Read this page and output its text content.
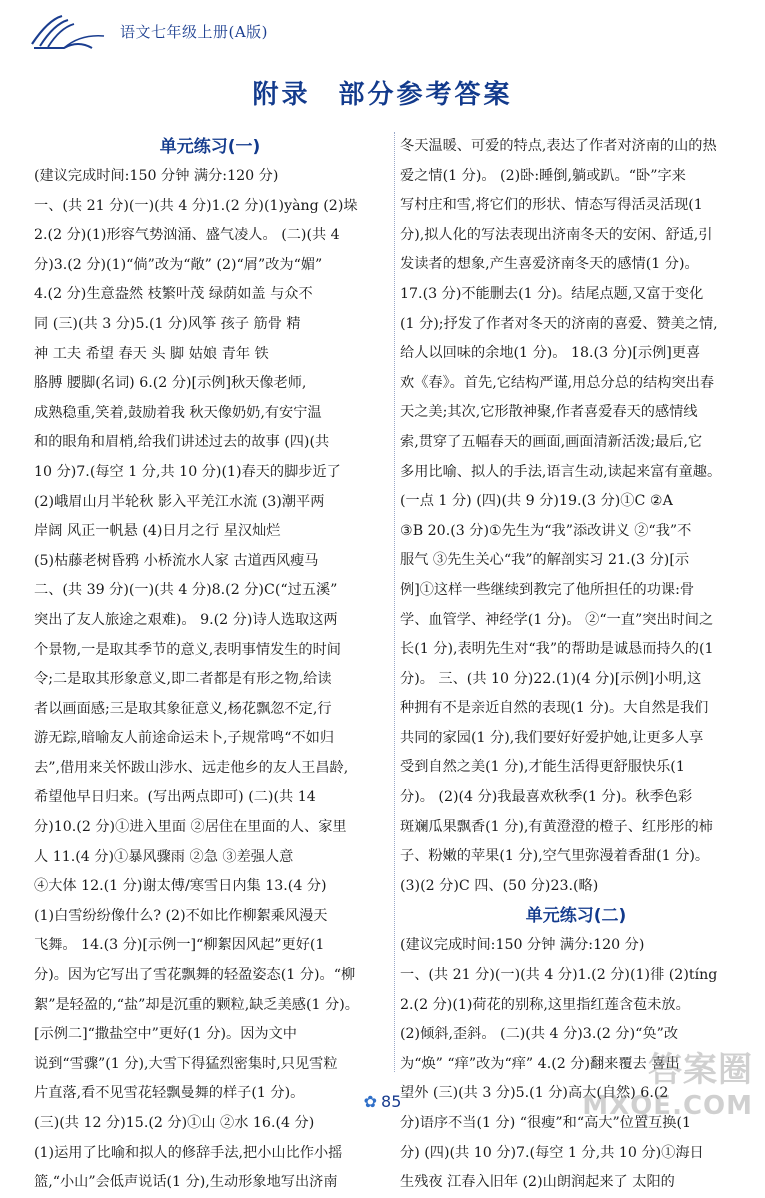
语文七年级上册(A版)
附录 部分参考答案
单元练习(一)
(建议完成时间:150 分钟 满分:120 分)
一、(共 21 分)(一)(共 4 分)1.(2 分)(1)yàng (2)垛
2.(2 分)(1)形容气势汹涌、盛气凌人。 (二)(共 4
分)3.(2 分)(1)“倘”改为“敞” (2)“屑”改为“媚”
4.(2 分)生意盎然 枝繁叶茂 绿荫如盖 与众不
同 (三)(共 3 分)5.(1 分)风筝 孩子 筋骨 精
神 工夫 希望 春天 头 脚 姑娘 青年 铁
胳膊 腰脚(名词) 6.(2 分)[示例]秋天像老师,
成熟稳重,笑着,鼓励着我 秋天像奶奶,有安宁温
和的眼角和眉梢,给我们讲述过去的故事 (四)(共
10 分)7.(每空 1 分,共 10 分)(1)春天的脚步近了
(2)峨眉山月半轮秋 影入平羌江水流 (3)潮平两
岸阔 风正一帆悬 (4)日月之行 星汉灿烂
(5)枯藤老树昏鸦 小桥流水人家 古道西风瘦马
二、(共 39 分)(一)(共 4 分)8.(2 分)C(“过五溪”
突出了友人旅途之艰难)。 9.(2 分)诗人选取这两
个景物,一是取其季节的意义,表明事情发生的时间
令;二是取其形象意义,即二者都是有形之物,给读
者以画面感;三是取其象征意义,杨花飘忽不定,行
游无踪,暗喻友人前途命运未卜,子规常鸣“不如归
去”,借用来关怀跋山涉水、远走他乡的友人王昌龄,
希望他早日归来。(写出两点即可) (二)(共 14
分)10.(2 分)①进入里面 ②居住在里面的人、家里
人 11.(4 分)①暴风骤雨 ②急 ③差强人意
④大体 12.(1 分)谢太傅/寒雪日内集 13.(4 分)
(1)白雪纷纷像什么? (2)不如比作柳絮乘风漫天
飞舞。 14.(3 分)[示例一]“柳絮因风起”更好(1
分)。因为它写出了雪花飘舞的轻盈姿态(1 分)。“柳
絮”是轻盈的,“盐”却是沉重的颗粒,缺乏美感(1 分)。
[示例二]“撒盐空中”更好(1 分)。因为文中
说到“雪骤”(1 分),大雪下得猛烈密集时,只见雪粒
片直落,看不见雪花轻飘曼舞的样子(1 分)。
(三)(共 12 分)15.(2 分)①山 ②水 16.(4 分)
(1)运用了比喻和拟人的修辞手法,把小山比作小摇
篮,“小山”会低声说话(1 分),生动形象地写出济南
冬天温暖、可爱的特点,表达了作者对济南的山的热
爱之情(1 分)。 (2)卧:睡倒,躺或趴。“卧”字来
写村庄和雪,将它们的形状、情态写得活灵活现(1
分),拟人化的写法表现出济南冬天的安闲、舒适,引
发读者的想象,产生喜爱济南冬天的感情(1 分)。
17.(3 分)不能删去(1 分)。结尾点题,又富于变化
(1 分);抒发了作者对冬天的济南的喜爱、赞美之情,
给人以回味的余地(1 分)。 18.(3 分)[示例]更喜
欢《春》。首先,它结构严谨,用总分总的结构突出春
天之美;其次,它形散神聚,作者喜爱春天的感情线
索,贯穿了五幅春天的画面,画面清新活泼;最后,它
多用比喻、拟人的手法,语言生动,读起来富有童趣。
(一点 1 分) (四)(共 9 分)19.(3 分)①C ②A
③B 20.(3 分)①先生为“我”添改讲义 ②“我”不
服气 ③先生关心“我”的解剖实习 21.(3 分)[示
例]①这样一些继续到教完了他所担任的功课:骨
学、血管学、神经学(1 分)。 ②“一直”突出时间之
长(1 分),表明先生对“我”的帮助是诚恳而持久的(1
分)。 三、(共 10 分)22.(1)(4 分)[示例]小明,这
种拥有不是亲近自然的表现(1 分)。大自然是我们
共同的家园(1 分),我们要好好爱护她,让更多人享
受到自然之美(1 分),才能生活得更舒服快乐(1
分)。 (2)(4 分)我最喜欢秋季(1 分)。秋季色彩
斑斓瓜果飘香(1 分),有黄澄澄的橙子、红彤彤的柿
子、粉嫩的苹果(1 分),空气里弥漫着香甜(1 分)。
(3)(2 分)C 四、(50 分)23.(略)
单元练习(二)
(建议完成时间:150 分钟 满分:120 分)
一、(共 21 分)(一)(共 4 分)1.(2 分)(1)徘 (2)tíng
2.(2 分)(1)荷花的别称,这里指红莲含苞未放。
(2)倾斜,歪斜。 (二)(共 4 分)3.(2 分)“奂”改
为“焕” “痒”改为“痒” 4.(2 分)翻来覆去 喜出
望外 (三)(共 3 分)5.(1 分)高大(自然) 6.(2
分)语序不当(1 分) “很瘦”和“高大”位置互换(1
分) (四)(共 10 分)7.(每空 1 分,共 10 分)①海日
生残夜 江春入旧年 (2)山朗润起来了 太阳的
✿ 85
答案圈
MXQE.COM
